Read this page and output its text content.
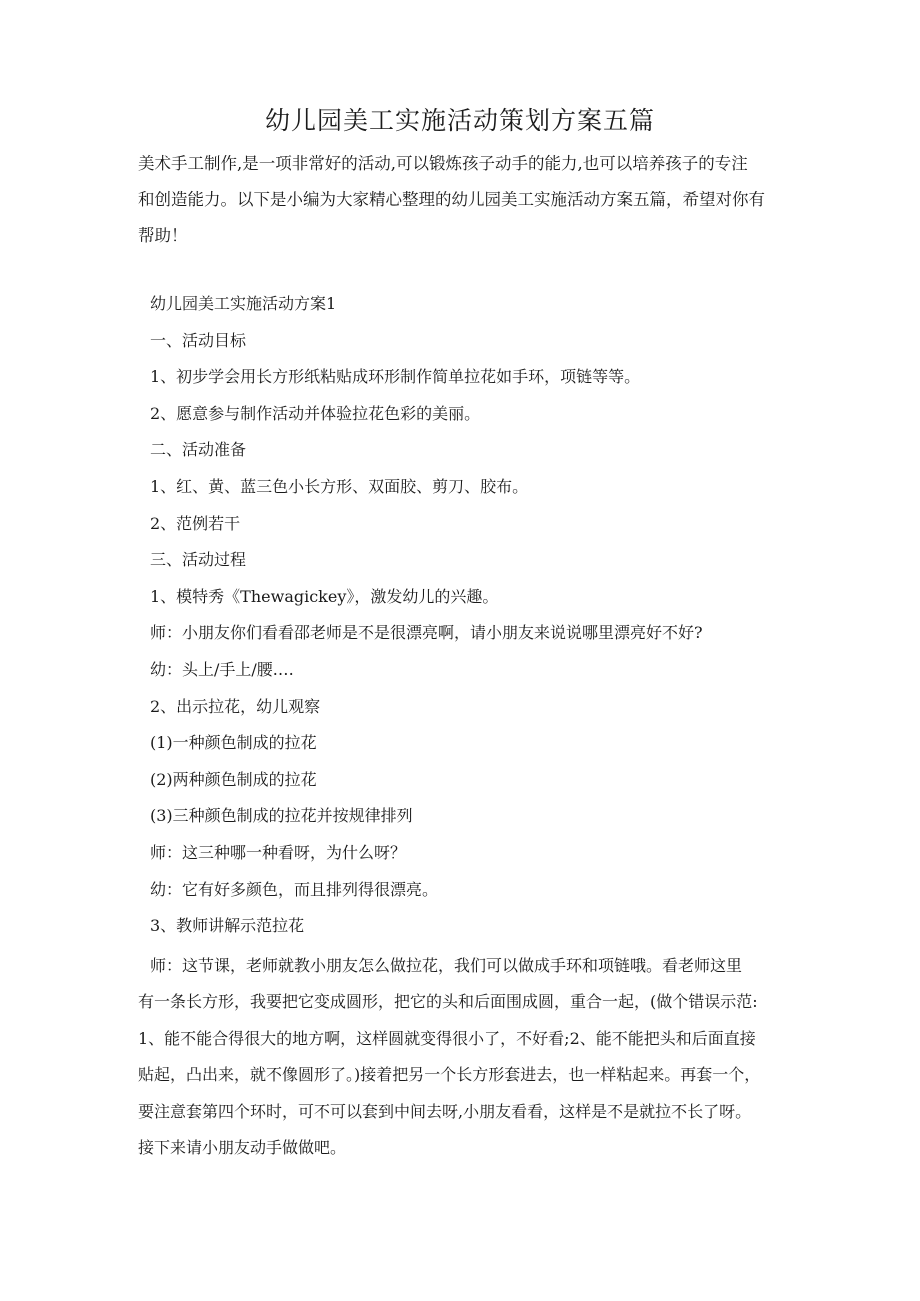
幼儿园美工实施活动策划方案五篇

美术手工制作,是一项非常好的活动,可以锻炼孩子动手的能力,也可以培养孩子的专注

和创造能力。以下是小编为大家精心整理的幼儿园美工实施活动方案五篇，希望对你有

帮助！

幼儿园美工实施活动方案1
一、活动目标
1、初步学会用长方形纸粘贴成环形制作简单拉花如手环，项链等等。
2、愿意参与制作活动并体验拉花色彩的美丽。
二、活动准备
1、红、黄、蓝三色小长方形、双面胶、剪刀、胶布。
2、范例若干
三、活动过程
1、模特秀《Thewagickey》，激发幼儿的兴趣。
师：小朋友你们看看邵老师是不是很漂亮啊，请小朋友来说说哪里漂亮好不好?
幼：头上/手上/腰.…
2、出示拉花，幼儿观察
(1)一种颜色制成的拉花
(2)两种颜色制成的拉花
(3)三种颜色制成的拉花并按规律排列
师：这三种哪一种看呀，为什么呀？
幼：它有好多颜色，而且排列得很漂亮。
3、教师讲解示范拉花
师：这节课，老师就教小朋友怎么做拉花，我们可以做成手环和项链哦。看老师这里
有一条长方形，我要把它变成圆形，把它的头和后面围成圆，重合一起，(做个错误示范:
1、能不能合得很大的地方啊，这样圆就变得很小了，不好看;2、能不能把头和后面直接
贴起，凸出来，就不像圆形了。)接着把另一个长方形套进去，也一样粘起来。再套一个，
要注意套第四个环时，可不可以套到中间去呀,小朋友看看，这样是不是就拉不长了呀。
接下来请小朋友动手做做吧。
